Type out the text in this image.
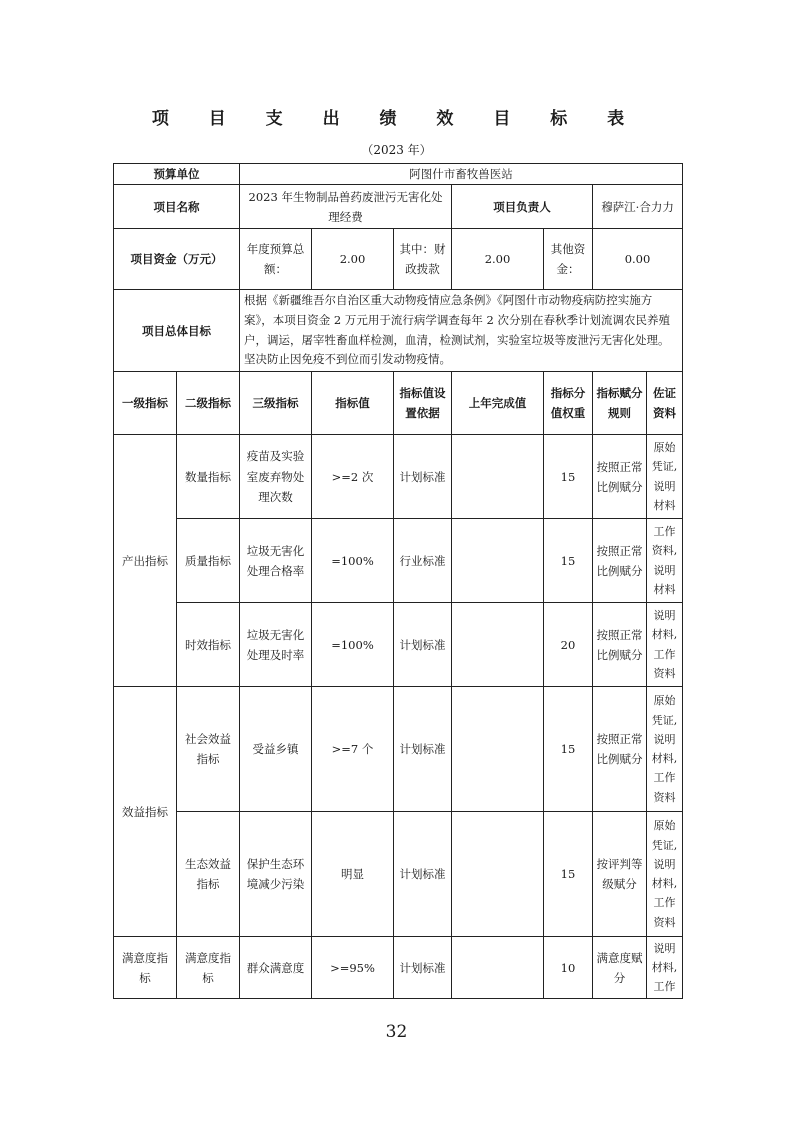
项 目 支 出 绩 效 目 标 表
（2023 年）
预算单位		阿图什市畜牧兽医站						
项目名称		2023 年生物制品兽药废泄污无害化处理经费			项目负责人		穆萨江·合力力	
项目资金（万元）		年度预算总额：	2.00	其中：财政拨款	2.00	其他资金：	0.00	
项目总体目标		根据《新疆维吾尔自治区重大动物疫情应急条例》《阿图什市动物疫病防控实施方案》，本项目资金 2 万元用于流行病学调查每年 2 次分别在春秋季计划流调农民养殖户，调运，屠宰牲畜血样检测，血清，检测试剂，实验室垃圾等废泄污无害化处理。坚决防止因免疫不到位而引发动物疫情。						
一级指标	二级指标	三级指标	指标值	指标值设置依据	上年完成值	指标分值权重	指标赋分规则	佐证资料
产出指标	数量指标	疫苗及实验室废弃物处理次数	>=2 次	计划标准		15	按照正常比例赋分	原始凭证,说明材料
	质量指标	垃圾无害化处理合格率	=100%	行业标准		15	按照正常比例赋分	工作资料,说明材料
	时效指标	垃圾无害化处理及时率	=100%	计划标准		20	按照正常比例赋分	说明材料,工作资料
效益指标	社会效益指标	受益乡镇	>=7 个	计划标准		15	按照正常比例赋分	原始凭证,说明材料,工作资料
	生态效益指标	保护生态环境减少污染	明显	计划标准		15	按评判等级赋分	原始凭证,说明材料,工作资料
满意度指标	满意度指标	群众满意度	>=95%	计划标准		10	满意度赋分	说明材料,工作
32
